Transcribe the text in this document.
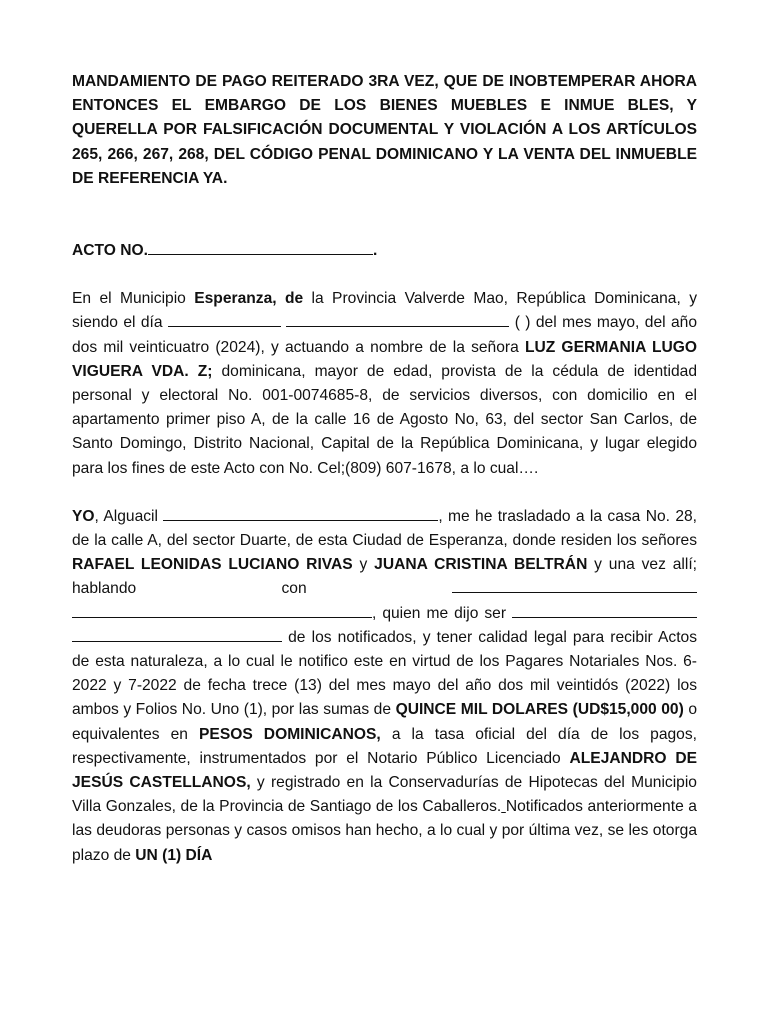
MANDAMIENTO DE PAGO REITERADO 3RA VEZ, QUE DE INOBTEMPERAR AHORA ENTONCES EL EMBARGO DE LOS BIENES MUEBLES E INMUE BLES, Y QUERELLA POR FALSIFICACIÓN DOCUMENTAL Y VIOLACIÓN A LOS ARTÍCULOS 265, 266, 267, 268, DEL CÓDIGO PENAL DOMINICANO Y LA VENTA DEL INMUEBLE DE REFERENCIA YA.

ACTO NO.	.

En el Municipio Esperanza, de la Provincia Valverde Mao, República Dominicana, y siendo el día	( ) del mes mayo, del año dos mil veinticuatro (2024), y actuando a nombre de la señora LUZ GERMANIA LUGO VIGUERA VDA. Z; dominicana, mayor de edad, provista de la cédula de identidad personal y electoral No. 001-0074685-8, de servicios diversos, con domicilio en el apartamento primer piso A, de la calle 16 de Agosto No, 63, del sector San Carlos, de Santo Domingo, Distrito Nacional, Capital de la República Dominicana, y lugar elegido para los fines de este Acto con No. Cel;(809) 607-1678, a lo cual….

YO, Alguacil	, me he trasladado a la casa No. 28, de la calle A, del sector Duarte, de esta Ciudad de Esperanza, donde residen los señores RAFAEL LEONIDAS LUCIANO RIVAS y JUANA CRISTINA BELTRÁN y una vez allí; hablando con  , quien me dijo ser   de los notificados, y tener calidad legal para recibir Actos de esta naturaleza, a lo cual le notifico este en virtud de los Pagares Notariales Nos. 6-2022 y 7-2022 de fecha trece (13) del mes mayo del año dos mil veintidós (2022) los ambos y Folios No. Uno (1), por las sumas de QUINCE MIL DOLARES (UD$15,000 00) o equivalentes en PESOS DOMINICANOS, a la tasa oficial del día de los pagos, respectivamente, instrumentados por el Notario Público Licenciado ALEJANDRO DE JESÚS CASTELLANOS, y registrado en la Conservadurías de Hipotecas del Municipio Villa Gonzales, de la Provincia de Santiago de los Caballeros. Notificados anteriormente a las deudoras personas y casos omisos han hecho, a lo cual y por última vez, se les otorga plazo de UN (1) DÍA
